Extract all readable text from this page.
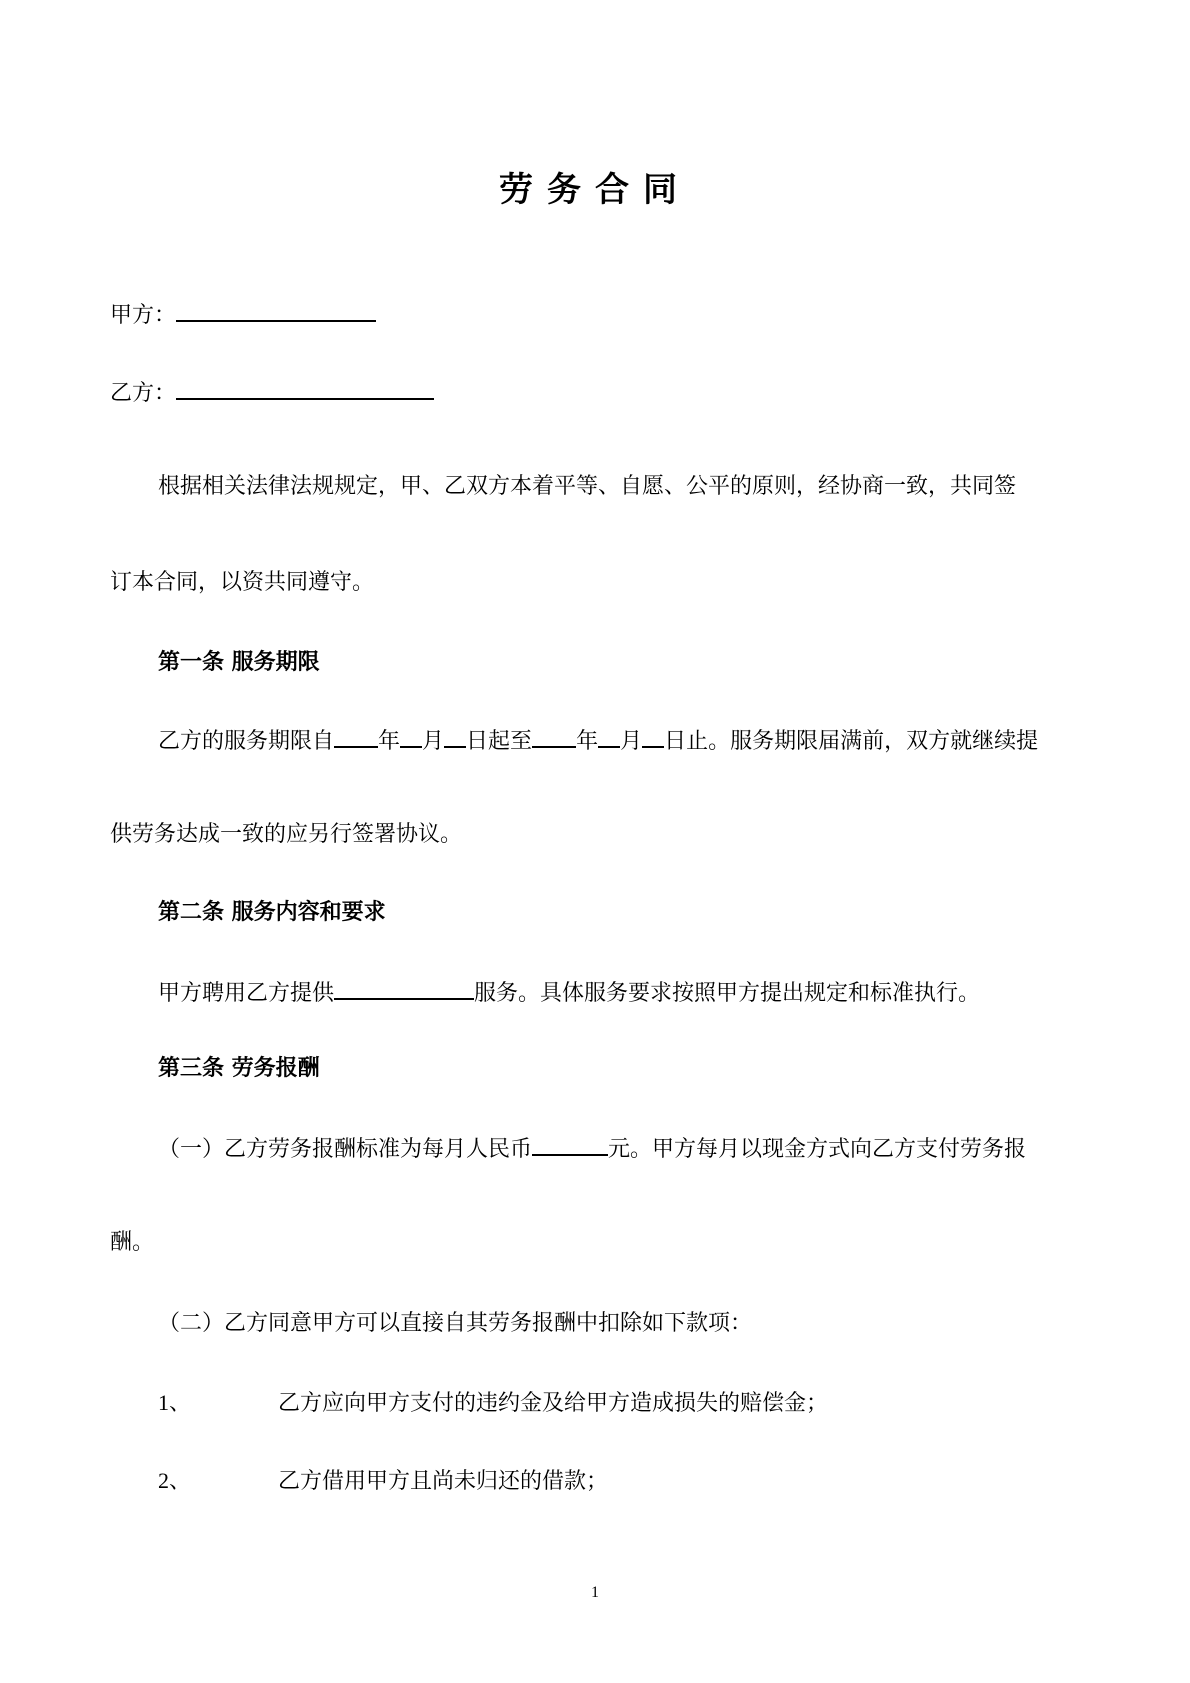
劳务合同
甲方：
乙方：
根据相关法律法规规定，甲、乙双方本着平等、自愿、公平的原则，经协商一致，共同签
订本合同，以资共同遵守。
第一条 服务期限
乙方的服务期限自 年 月 日起至 年 月 日止。服务期限届满前，双方就继续提
供劳务达成一致的应另行签署协议。
第二条 服务内容和要求
甲方聘用乙方提供	服务。具体服务要求按照甲方提出规定和标准执行。
第三条 劳务报酬
（一）乙方劳务报酬标准为每月人民币	元。甲方每月以现金方式向乙方支付劳务报
酬。
（二）乙方同意甲方可以直接自其劳务报酬中扣除如下款项：
1、	乙方应向甲方支付的违约金及给甲方造成损失的赔偿金；
2、	乙方借用甲方且尚未归还的借款；
1
